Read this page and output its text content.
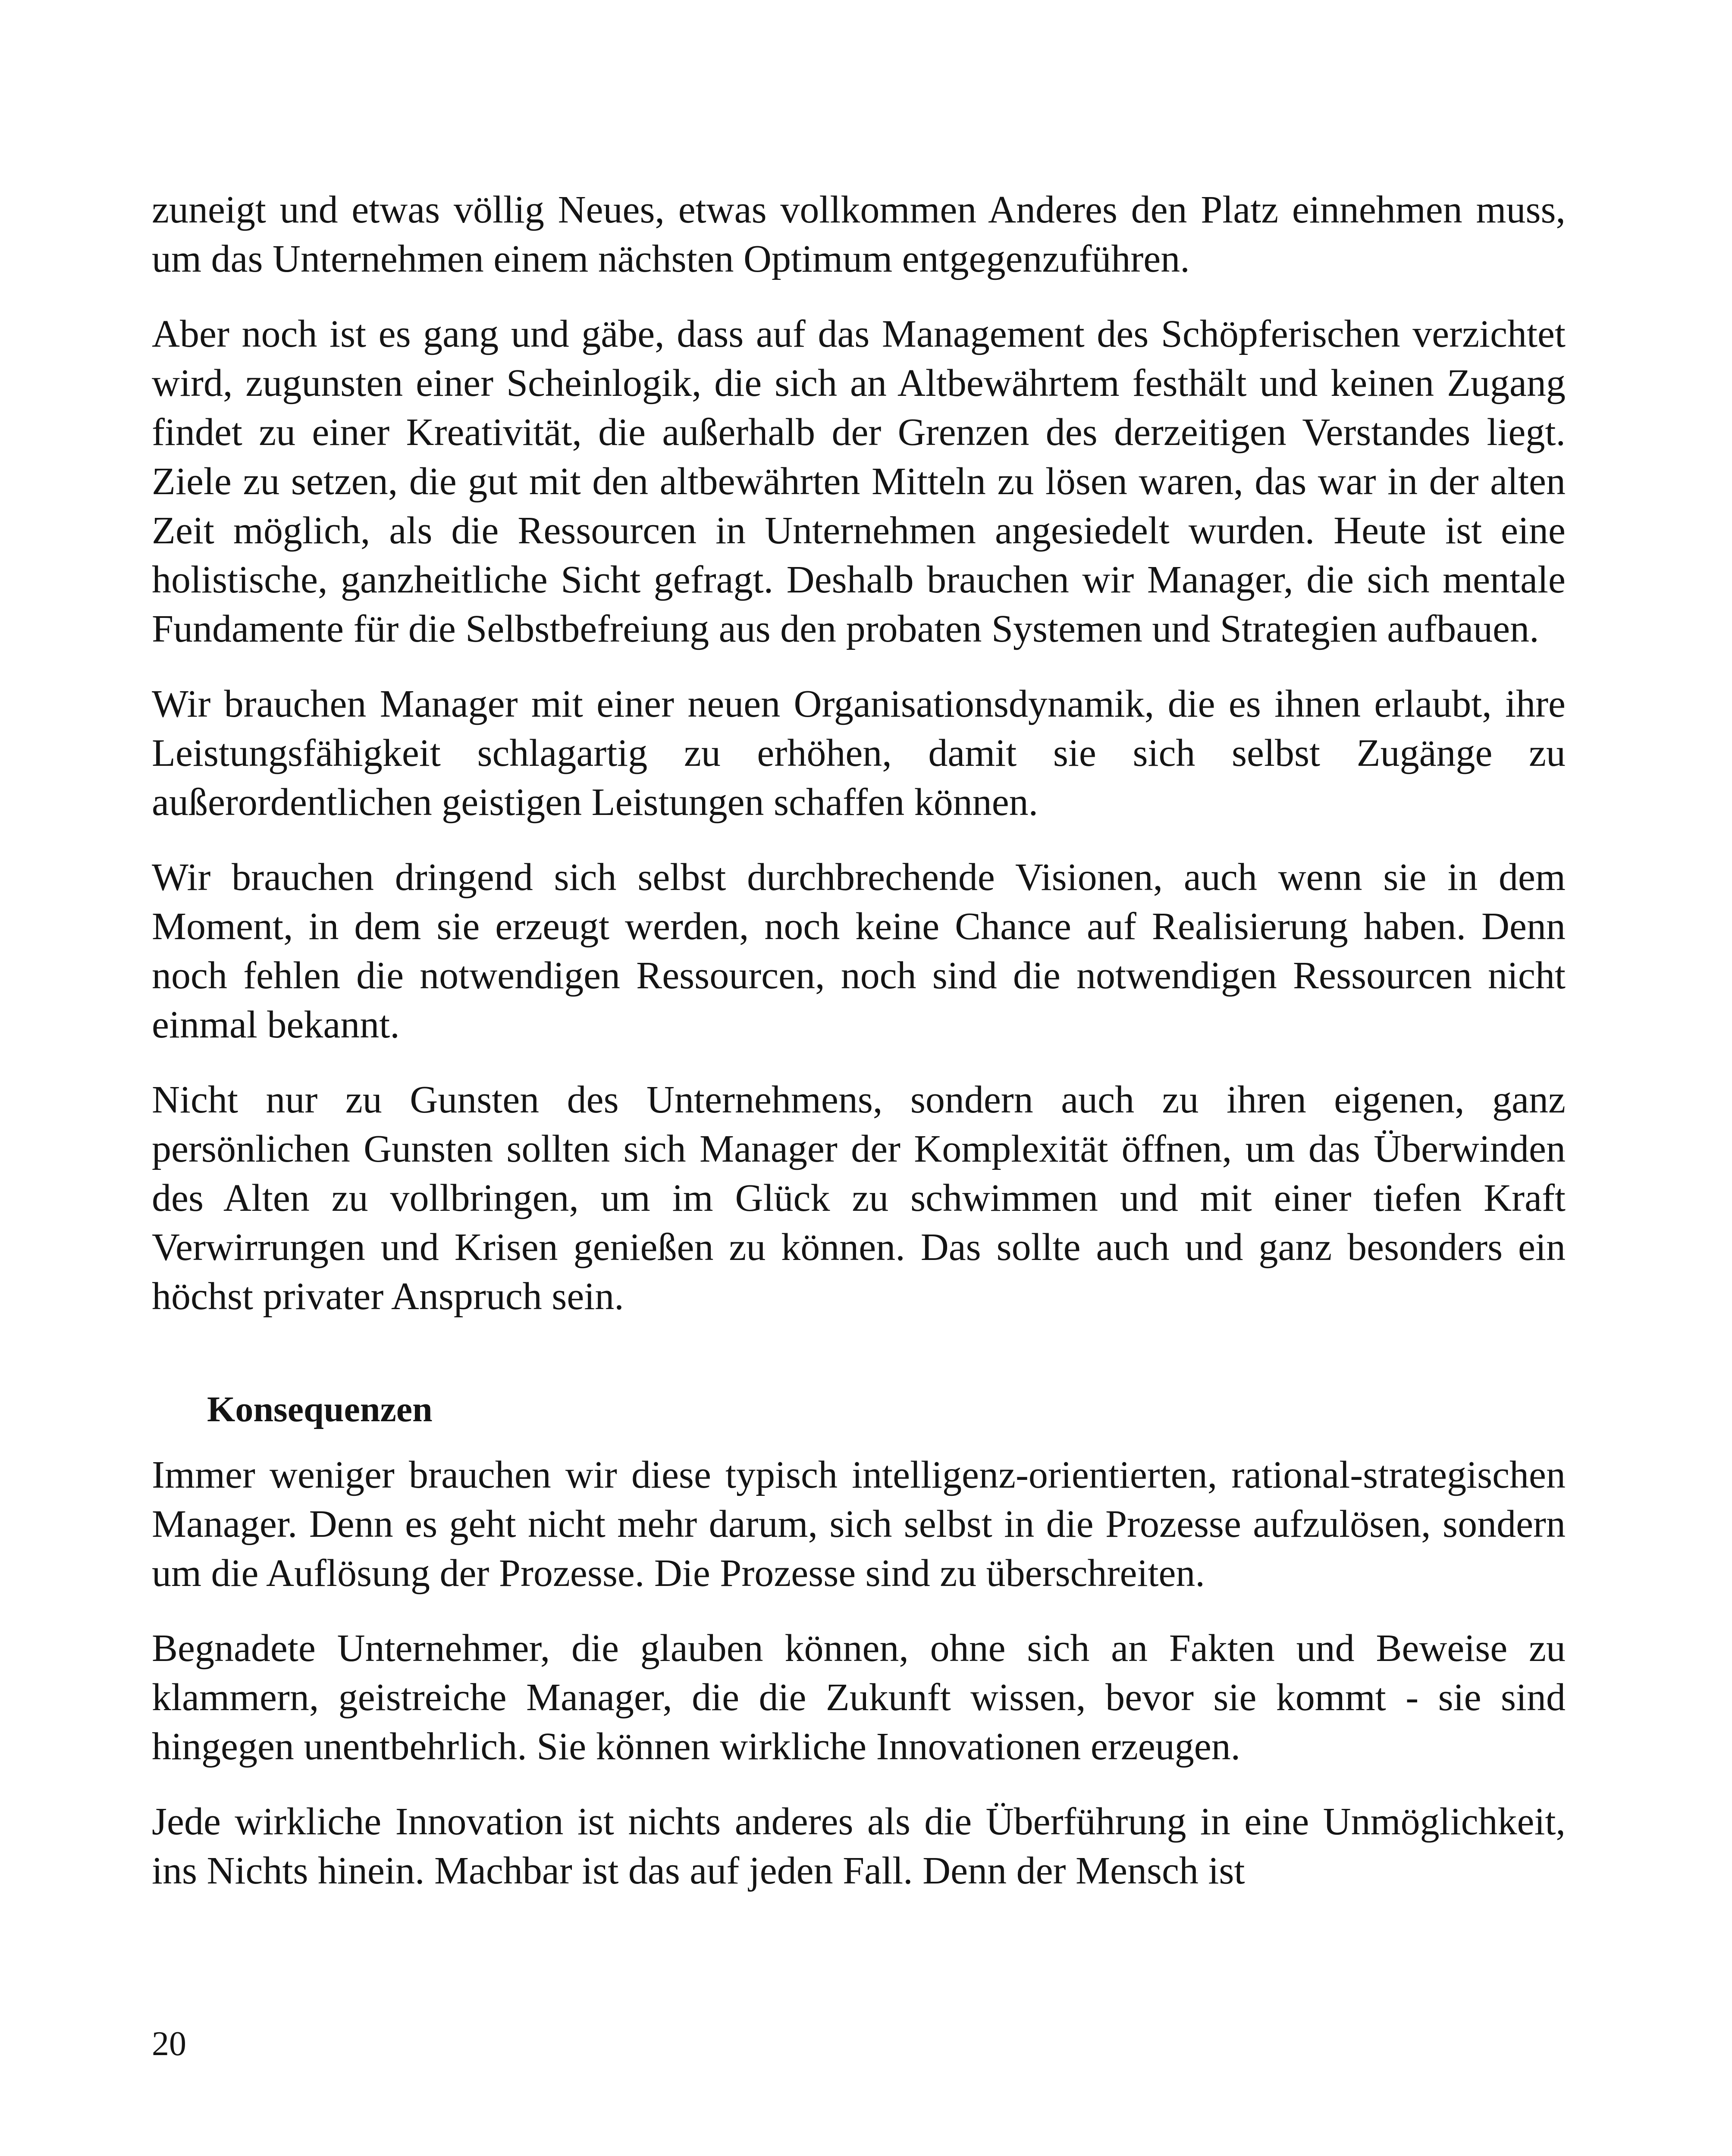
zuneigt und etwas völlig Neues, etwas vollkommen Anderes den Platz einnehmen muss, um das Unternehmen einem nächsten Optimum entgegenzuführen.

Aber noch ist es gang und gäbe, dass auf das Management des Schöpferischen verzichtet wird, zugunsten einer Scheinlogik, die sich an Altbewährtem festhält und keinen Zugang findet zu einer Kreativität, die außerhalb der Grenzen des derzeitigen Verstandes liegt. Ziele zu setzen, die gut mit den altbewährten Mitteln zu lösen waren, das war in der alten Zeit möglich, als die Ressourcen in Unternehmen angesiedelt wurden. Heute ist eine holistische, ganzheitliche Sicht gefragt. Deshalb brauchen wir Manager, die sich mentale Fundamente für die Selbstbefreiung aus den probaten Systemen und Strategien aufbauen.

Wir brauchen Manager mit einer neuen Organisationsdynamik, die es ihnen erlaubt, ihre Leistungsfähigkeit schlagartig zu erhöhen, damit sie sich selbst Zugänge zu außerordentlichen geistigen Leistungen schaffen können.

Wir brauchen dringend sich selbst durchbrechende Visionen, auch wenn sie in dem Moment, in dem sie erzeugt werden, noch keine Chance auf Realisierung haben. Denn noch fehlen die notwendigen Ressourcen, noch sind die notwendigen Ressourcen nicht einmal bekannt.

Nicht nur zu Gunsten des Unternehmens, sondern auch zu ihren eigenen, ganz persönlichen Gunsten sollten sich Manager der Komplexität öffnen, um das Überwinden des Alten zu vollbringen, um im Glück zu schwimmen und mit einer tiefen Kraft Verwirrungen und Krisen genießen zu können. Das sollte auch und ganz besonders ein höchst privater Anspruch sein.

Konsequenzen

Immer weniger brauchen wir diese typisch intelligenz-orientierten, rational-strategischen Manager. Denn es geht nicht mehr darum, sich selbst in die Prozesse aufzulösen, sondern um die Auflösung der Prozesse. Die Prozesse sind zu überschreiten.

Begnadete Unternehmer, die glauben können, ohne sich an Fakten und Beweise zu klammern, geistreiche Manager, die die Zukunft wissen, bevor sie kommt - sie sind hingegen unentbehrlich. Sie können wirkliche Innovationen erzeugen.

Jede wirkliche Innovation ist nichts anderes als die Überführung in eine Unmöglichkeit, ins Nichts hinein. Machbar ist das auf jeden Fall. Denn der Mensch ist

20
